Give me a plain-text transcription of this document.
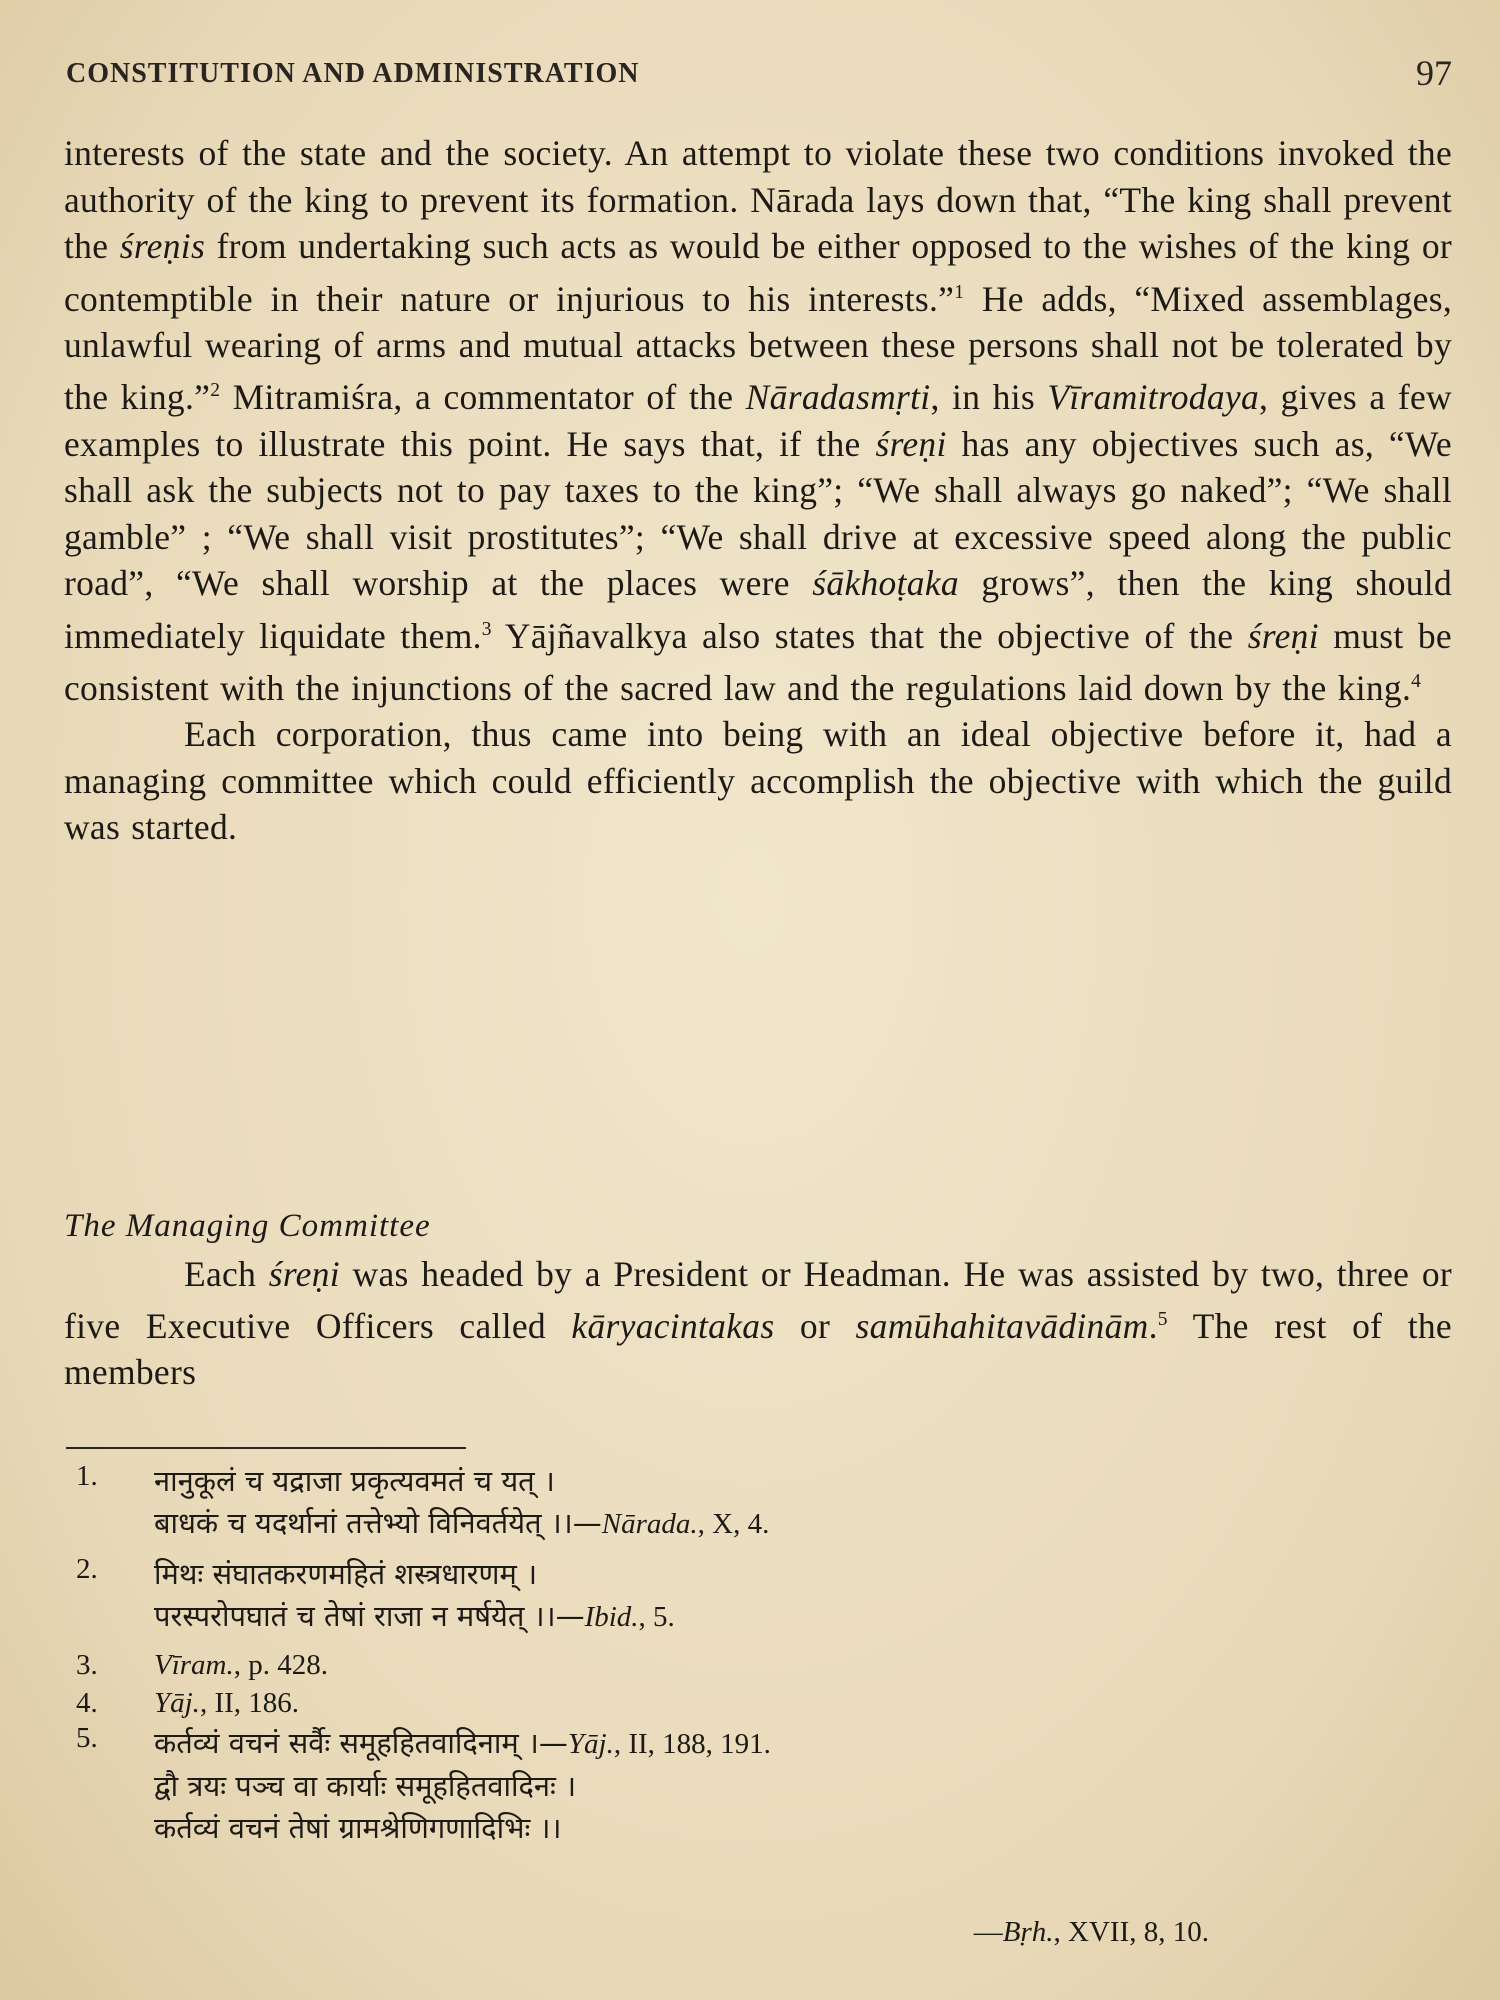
CONSTITUTION AND ADMINISTRATION	97

interests of the state and the society. An attempt to violate these two conditions invoked the authority of the king to prevent its formation. Nārada lays down that, “The king shall prevent the śreṇis from undertaking such acts as would be either opposed to the wishes of the king or contemptible in their nature or injurious to his interests.”$^1$ He adds, “Mixed assemblages, unlawful wearing of arms and mutual attacks between these persons shall not be tolerated by the king.”$^2$ Mitramiśra, a commentator of the Nāradasmṛti, in his Vīramitrodaya, gives a few examples to illustrate this point. He says that, if the śreṇi has any objectives such as, “We shall ask the subjects not to pay taxes to the king”; “We shall always go naked”; “We shall gamble” ; “We shall visit prostitutes”; “We shall drive at excessive speed along the public road”, “We shall worship at the places were śākhoṭaka grows”, then the king should immediately liquidate them.$^3$ Yājñavalkya also states that the objective of the śreṇi must be consistent with the injunctions of the sacred law and the regulations laid down by the king.$^4$

Each corporation, thus came into being with an ideal objective before it, had a managing committee which could efficiently accomplish the objective with which the guild was started.

The Managing Committee

Each śreṇi was headed by a President or Headman. He was assisted by two, three or five Executive Officers called kāryacintakas or samūhahitavādinām.$^5$ The rest of the members

1. नानुकूलं च यद्राजा प्रकृत्यवमतं च यत् ।
बाधकं च यदर्थानां तत्तेभ्यो विनिवर्तयेत् ।।—Nārada., X, 4.
2. मिथः संघातकरणमहितं शस्त्रधारणम् ।
परस्परोपघातं च तेषां राजा न मर्षयेत् ।।—Ibid., 5.
3. Vīram., p. 428.
4. Yāj., II, 186.
5. कर्तव्यं वचनं सर्वैः समूहहितवादिनाम् ।—Yāj., II, 188, 191.
द्वौ त्रयः पञ्च वा कार्याः समूहहितवादिनः ।
कर्तव्यं वचनं तेषां ग्रामश्रेणिगणादिभिः ।।
—Bṛh., XVII, 8, 10.
